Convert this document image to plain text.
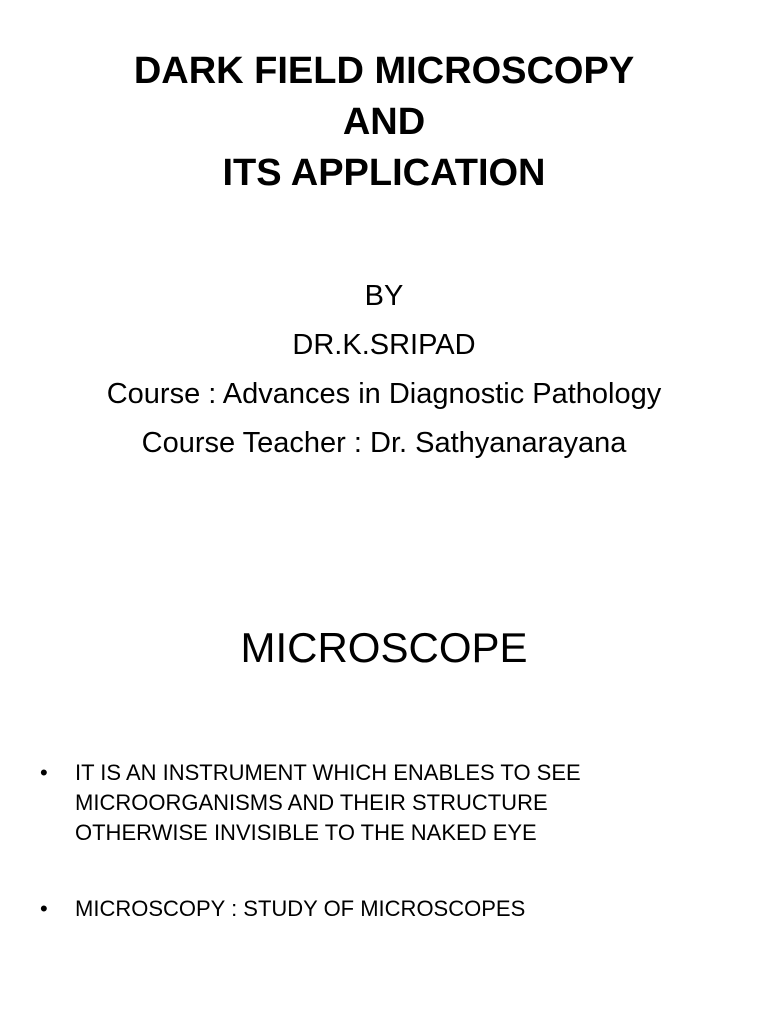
DARK FIELD MICROSCOPY
AND
ITS APPLICATION
BY
DR.K.SRIPAD
Course : Advances in Diagnostic Pathology
Course Teacher : Dr. Sathyanarayana
MICROSCOPE
• IT IS AN INSTRUMENT WHICH ENABLES TO SEE
MICROORGANISMS AND THEIR STRUCTURE
OTHERWISE INVISIBLE TO THE NAKED EYE
• MICROSCOPY : STUDY OF MICROSCOPES
